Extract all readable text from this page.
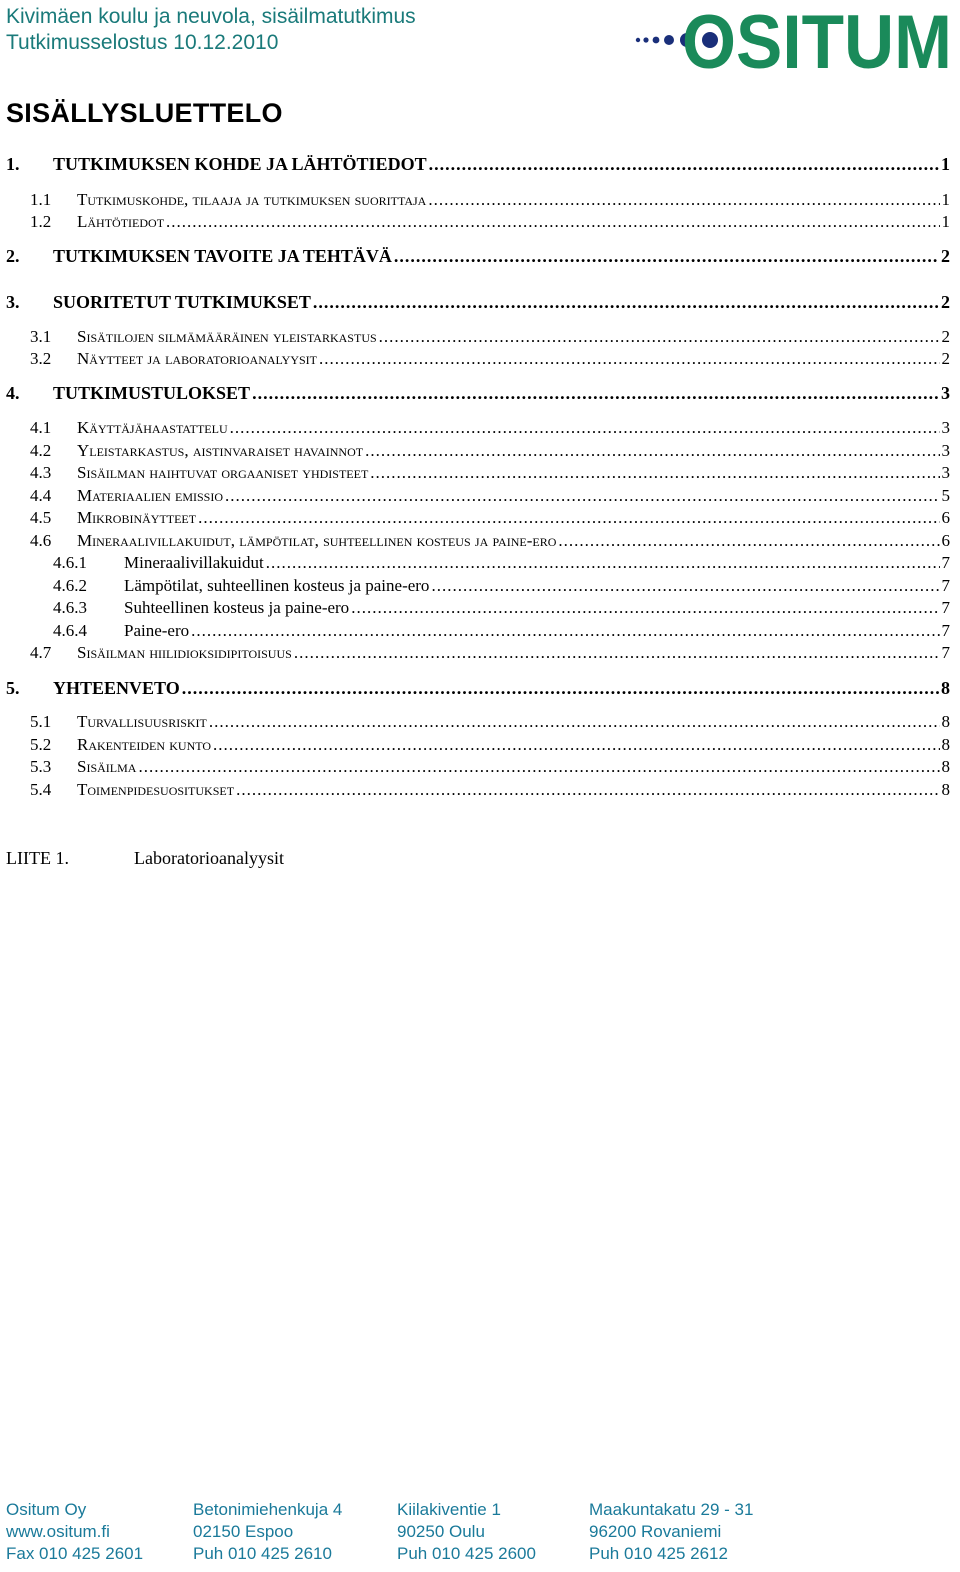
Kivimäen koulu ja neuvola, sisäilmatutkimus
Tutkimusselostus 10.12.2010	OSITUM
SISÄLLYSLUETTELO
1.	TUTKIMUKSEN KOHDE JA LÄHTÖTIEDOT .....	1
1.1	Tutkimuskohde, tilaaja ja tutkimuksen suorittaja .....	1
1.2	Lähtötiedot .....	1
2.	TUTKIMUKSEN TAVOITE JA TEHTÄVÄ .....	2
3.	SUORITETUT TUTKIMUKSET .....	2
3.1	Sisätilojen silmämääräinen yleistarkastus .....	2
3.2	Näytteet ja laboratorioanalyysit .....	2
4.	TUTKIMUSTULOKSET .....	3
4.1	Käyttäjähaastattelu .....	3
4.2	Yleistarkastus, aistinvaraiset havainnot .....	3
4.3	Sisäilman haihtuvat orgaaniset yhdisteet .....	3
4.4	Materiaalien emissio .....	5
4.5	Mikrobinäytteet .....	6
4.6	Mineraalivillakuidut, lämpötilat, suhteellinen kosteus ja paine-ero .....	6
4.6.1	Mineraalivillakuidut .....	7
4.6.2	Lämpötilat, suhteellinen kosteus ja paine-ero .....	7
4.6.3	Suhteellinen kosteus ja paine-ero .....	7
4.6.4	Paine-ero .....	7
4.7	Sisäilman hiilidioksidipitoisuus .....	7
5.	YHTEENVETO .....	8
5.1	Turvallisuusriskit .....	8
5.2	Rakenteiden kunto .....	8
5.3	Sisäilma .....	8
5.4	Toimenpidesuositukset .....	8
LIITE 1.	Laboratorioanalyysit
Ositum Oy
www.ositum.fi
Fax 010 425 2601
Betonimiehenkuja 4
02150 Espoo
Puh 010 425 2610
Kiilakiventie 1
90250 Oulu
Puh 010 425 2600
Maakuntakatu 29 - 31
96200 Rovaniemi
Puh 010 425 2612
